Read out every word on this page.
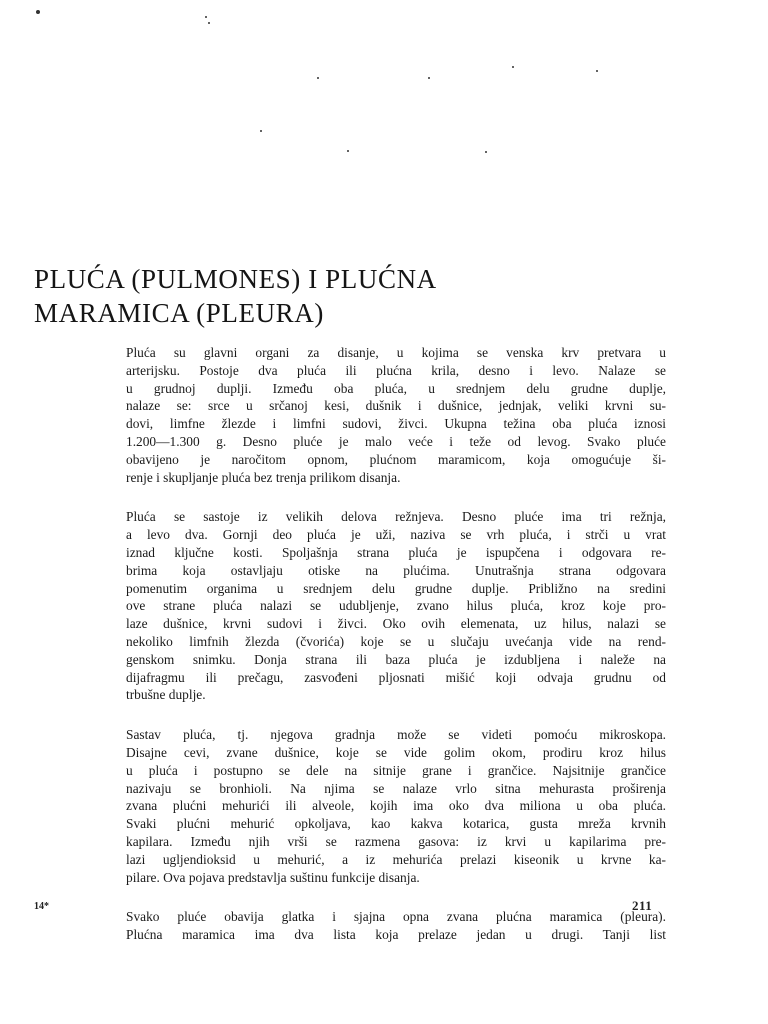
PLUĆA (PULMONES) I PLUĆNA
MARAMICA (PLEURA)

Pluća su glavni organi za disanje, u kojima se venska krv pretvara u
arterijsku. Postoje dva pluća ili plućna krila, desno i levo. Nalaze se
u grudnoj duplji. Između oba pluća, u srednjem delu grudne duplje,
nalaze se: srce u srčanoj kesi, dušnik i dušnice, jednjak, veliki krvni su-
dovi, limfne žlezde i limfni sudovi, živci. Ukupna težina oba pluća iznosi
1.200—1.300 g. Desno pluće je malo veće i teže od levog. Svako pluće
obavijeno je naročitom opnom, plućnom maramicom, koja omogućuje ši-
renje i skupljanje pluća bez trenja prilikom disanja.

Pluća se sastoje iz velikih delova režnjeva. Desno pluće ima tri režnja,
a levo dva. Gornji deo pluća je uži, naziva se vrh pluća, i strči u vrat
iznad ključne kosti. Spoljašnja strana pluća je ispupčena i odgovara re-
brima koja ostavljaju otiske na plućima. Unutrašnja strana odgovara
pomenutim organima u srednjem delu grudne duplje. Približno na sredini
ove strane pluća nalazi se udubljenje, zvano hilus pluća, kroz koje pro-
laze dušnice, krvni sudovi i živci. Oko ovih elemenata, uz hilus, nalazi se
nekoliko limfnih žlezda (čvorića) koje se u slučaju uvećanja vide na rend-
genskom snimku. Donja strana ili baza pluća je izdubljena i naleže na
dijafragmu ili prečagu, zasvođeni pljosnati mišić koji odvaja grudnu od
trbušne duplje.

Sastav pluća, tj. njegova gradnja može se videti pomoću mikroskopa.
Disajne cevi, zvane dušnice, koje se vide golim okom, prodiru kroz hilus
u pluća i postupno se dele na sitnije grane i grančice. Najsitnije grančice
nazivaju se bronhioli. Na njima se nalaze vrlo sitna mehurasta proširenja
zvana plućni mehurići ili alveole, kojih ima oko dva miliona u oba pluća.
Svaki plućni mehurić opkoljava, kao kakva kotarica, gusta mreža krvnih
kapilara. Između njih vrši se razmena gasova: iz krvi u kapilarima pre-
lazi ugljendioksid u mehurić, a iz mehurića prelazi kiseonik u krvne ka-
pilare. Ova pojava predstavlja suštinu funkcije disanja.

Svako pluće obavija glatka i sjajna opna zvana plućna maramica (pleura).
Plućna maramica ima dva lista koja prelaze jedan u drugi. Tanji list

14*	211
